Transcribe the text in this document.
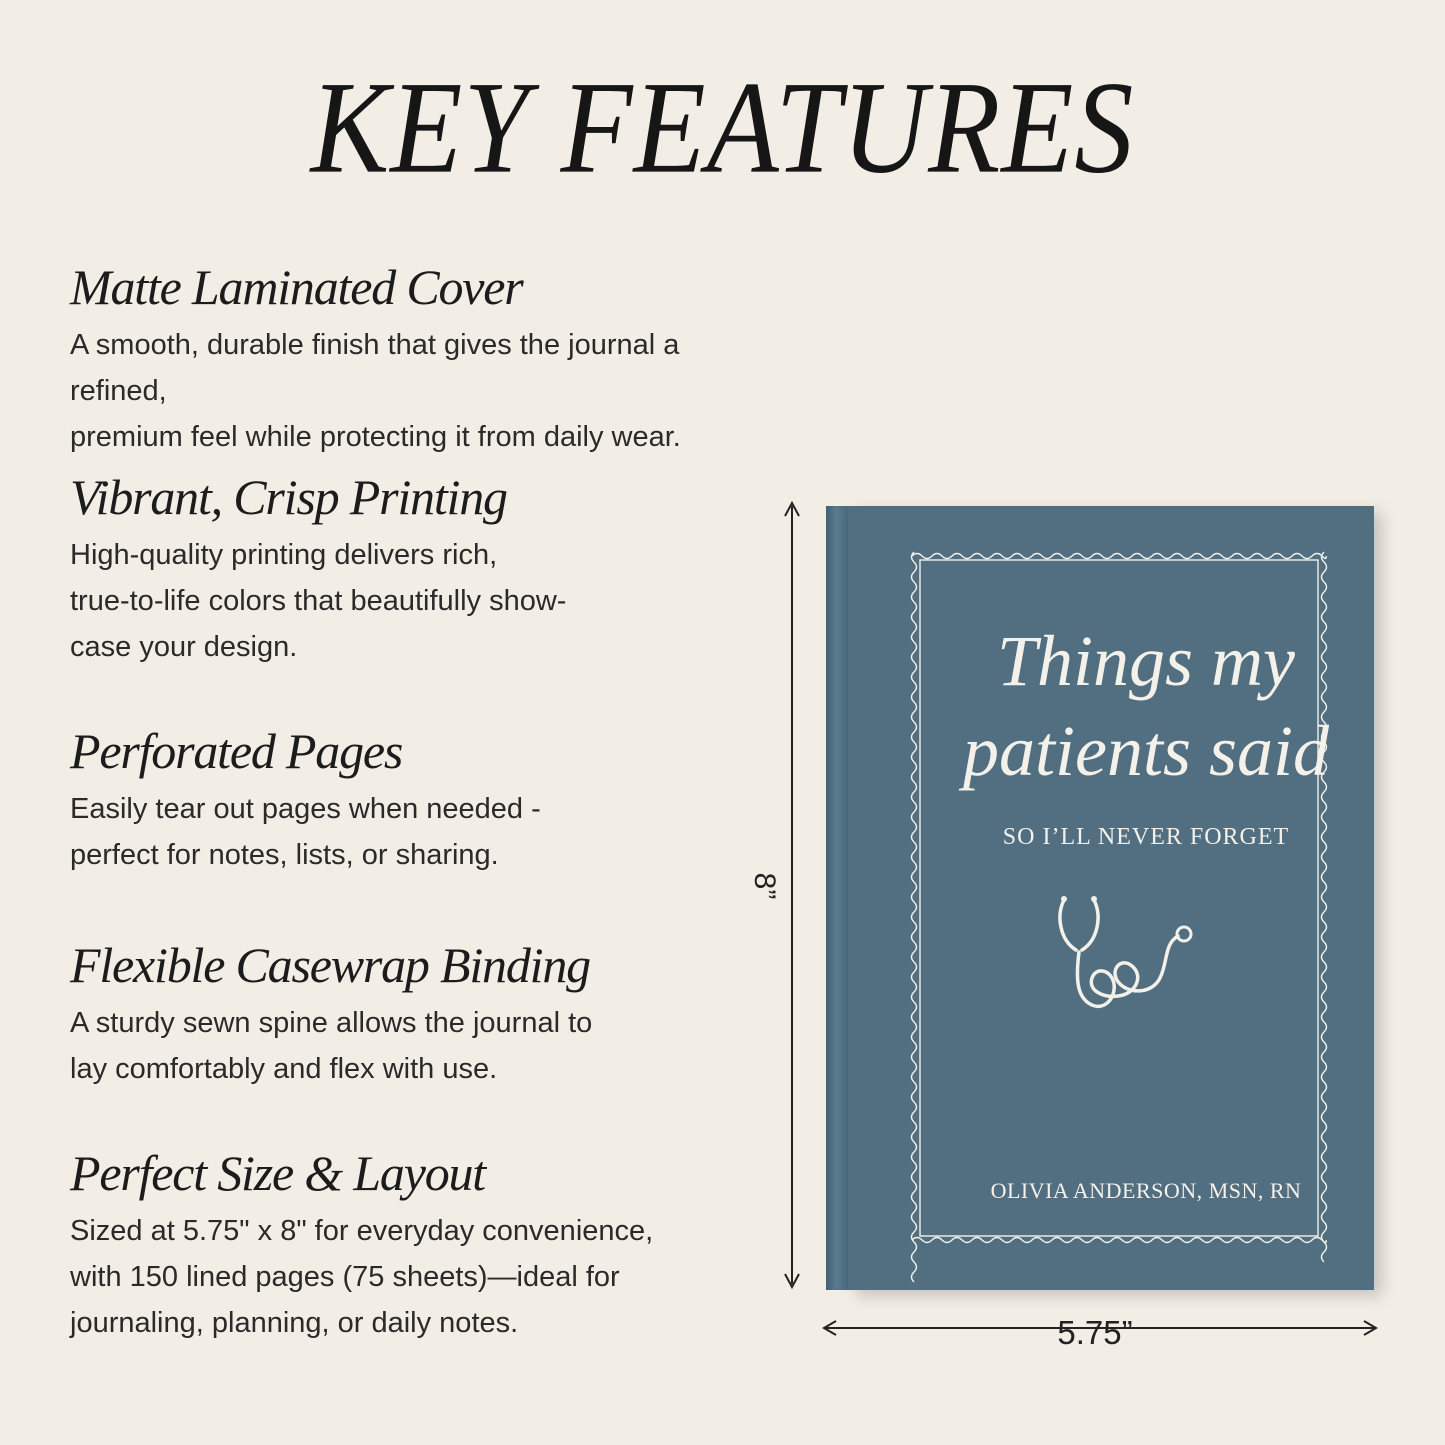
KEY FEATURES
Matte Laminated Cover

A smooth, durable finish that gives the journal a refined,
premium feel while protecting it from daily wear.

Vibrant, Crisp Printing

High-quality printing delivers rich,
true-to-life colors that beautifully show-
case your design.

Perforated Pages

Easily tear out pages when needed -
perfect for notes, lists, or sharing.

Flexible Casewrap Binding

A sturdy sewn spine allows the journal to
lay comfortably and flex with use.

Perfect Size & Layout

Sized at 5.75" x 8" for everyday convenience,
with 150 lined pages (75 sheets)—ideal for
journaling, planning, or daily notes.

8”
5.75”
Things my
patients said
SO I’LL NEVER FORGET
OLIVIA ANDERSON, MSN, RN
